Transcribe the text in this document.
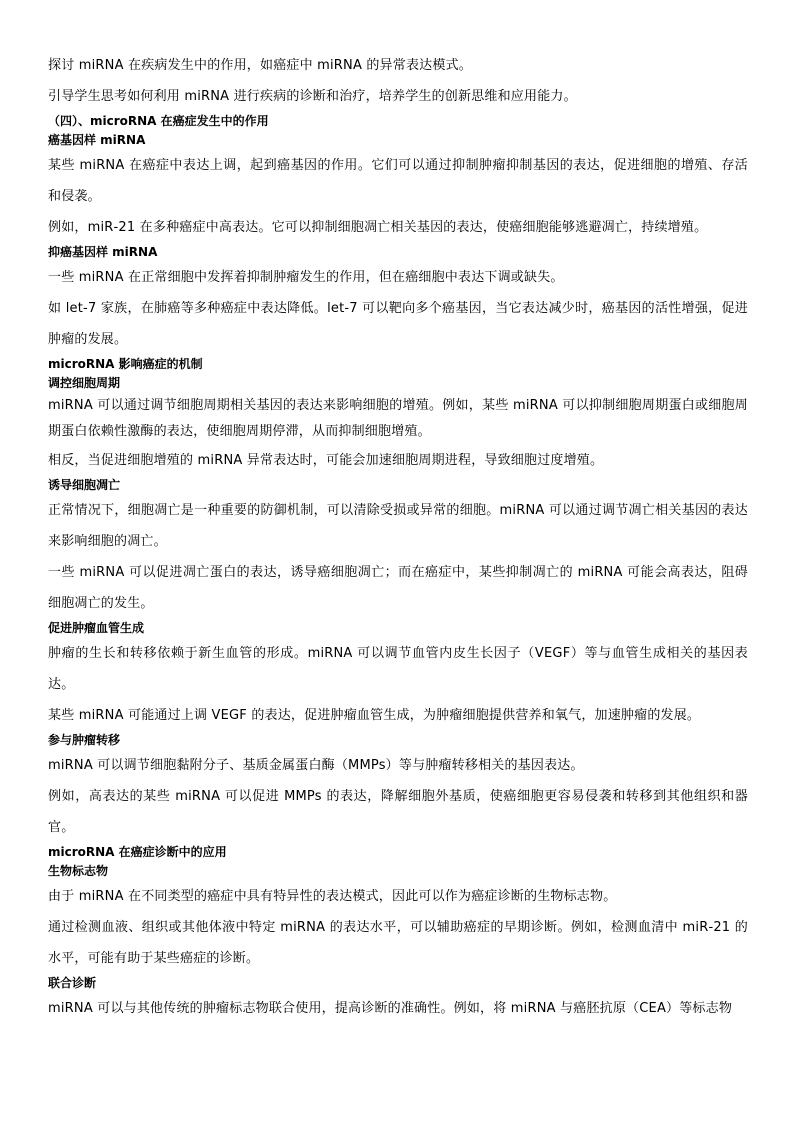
探讨 miRNA 在疾病发生中的作用，如癌症中 miRNA 的异常表达模式。

引导学生思考如何利用 miRNA 进行疾病的诊断和治疗，培养学生的创新思维和应用能力。

（四）、microRNA 在癌症发生中的作用

癌基因样 miRNA

某些 miRNA 在癌症中表达上调，起到癌基因的作用。它们可以通过抑制肿瘤抑制基因的表达，促进细胞的增殖、存活和侵袭。

例如，miR‑21 在多种癌症中高表达。它可以抑制细胞凋亡相关基因的表达，使癌细胞能够逃避凋亡，持续增殖。

抑癌基因样 miRNA

一些 miRNA 在正常细胞中发挥着抑制肿瘤发生的作用，但在癌细胞中表达下调或缺失。

如 let‑7 家族，在肺癌等多种癌症中表达降低。let‑7 可以靶向多个癌基因，当它表达减少时，癌基因的活性增强，促进肿瘤的发展。

microRNA 影响癌症的机制

调控细胞周期

miRNA 可以通过调节细胞周期相关基因的表达来影响细胞的增殖。例如，某些 miRNA 可以抑制细胞周期蛋白或细胞周期蛋白依赖性激酶的表达，使细胞周期停滞，从而抑制细胞增殖。

相反，当促进细胞增殖的 miRNA 异常表达时，可能会加速细胞周期进程，导致细胞过度增殖。

诱导细胞凋亡

正常情况下，细胞凋亡是一种重要的防御机制，可以清除受损或异常的细胞。miRNA 可以通过调节凋亡相关基因的表达来影响细胞的凋亡。

一些 miRNA 可以促进凋亡蛋白的表达，诱导癌细胞凋亡；而在癌症中，某些抑制凋亡的 miRNA 可能会高表达，阻碍细胞凋亡的发生。

促进肿瘤血管生成

肿瘤的生长和转移依赖于新生血管的形成。miRNA 可以调节血管内皮生长因子（VEGF）等与血管生成相关的基因表达。

某些 miRNA 可能通过上调 VEGF 的表达，促进肿瘤血管生成，为肿瘤细胞提供营养和氧气，加速肿瘤的发展。

参与肿瘤转移

miRNA 可以调节细胞黏附分子、基质金属蛋白酶（MMPs）等与肿瘤转移相关的基因表达。

例如，高表达的某些 miRNA 可以促进 MMPs 的表达，降解细胞外基质，使癌细胞更容易侵袭和转移到其他组织和器官。

microRNA 在癌症诊断中的应用

生物标志物

由于 miRNA 在不同类型的癌症中具有特异性的表达模式，因此可以作为癌症诊断的生物标志物。

通过检测血液、组织或其他体液中特定 miRNA 的表达水平，可以辅助癌症的早期诊断。例如，检测血清中 miR‑21 的水平，可能有助于某些癌症的诊断。

联合诊断

miRNA 可以与其他传统的肿瘤标志物联合使用，提高诊断的准确性。例如，将 miRNA 与癌胚抗原（CEA）等标志物
